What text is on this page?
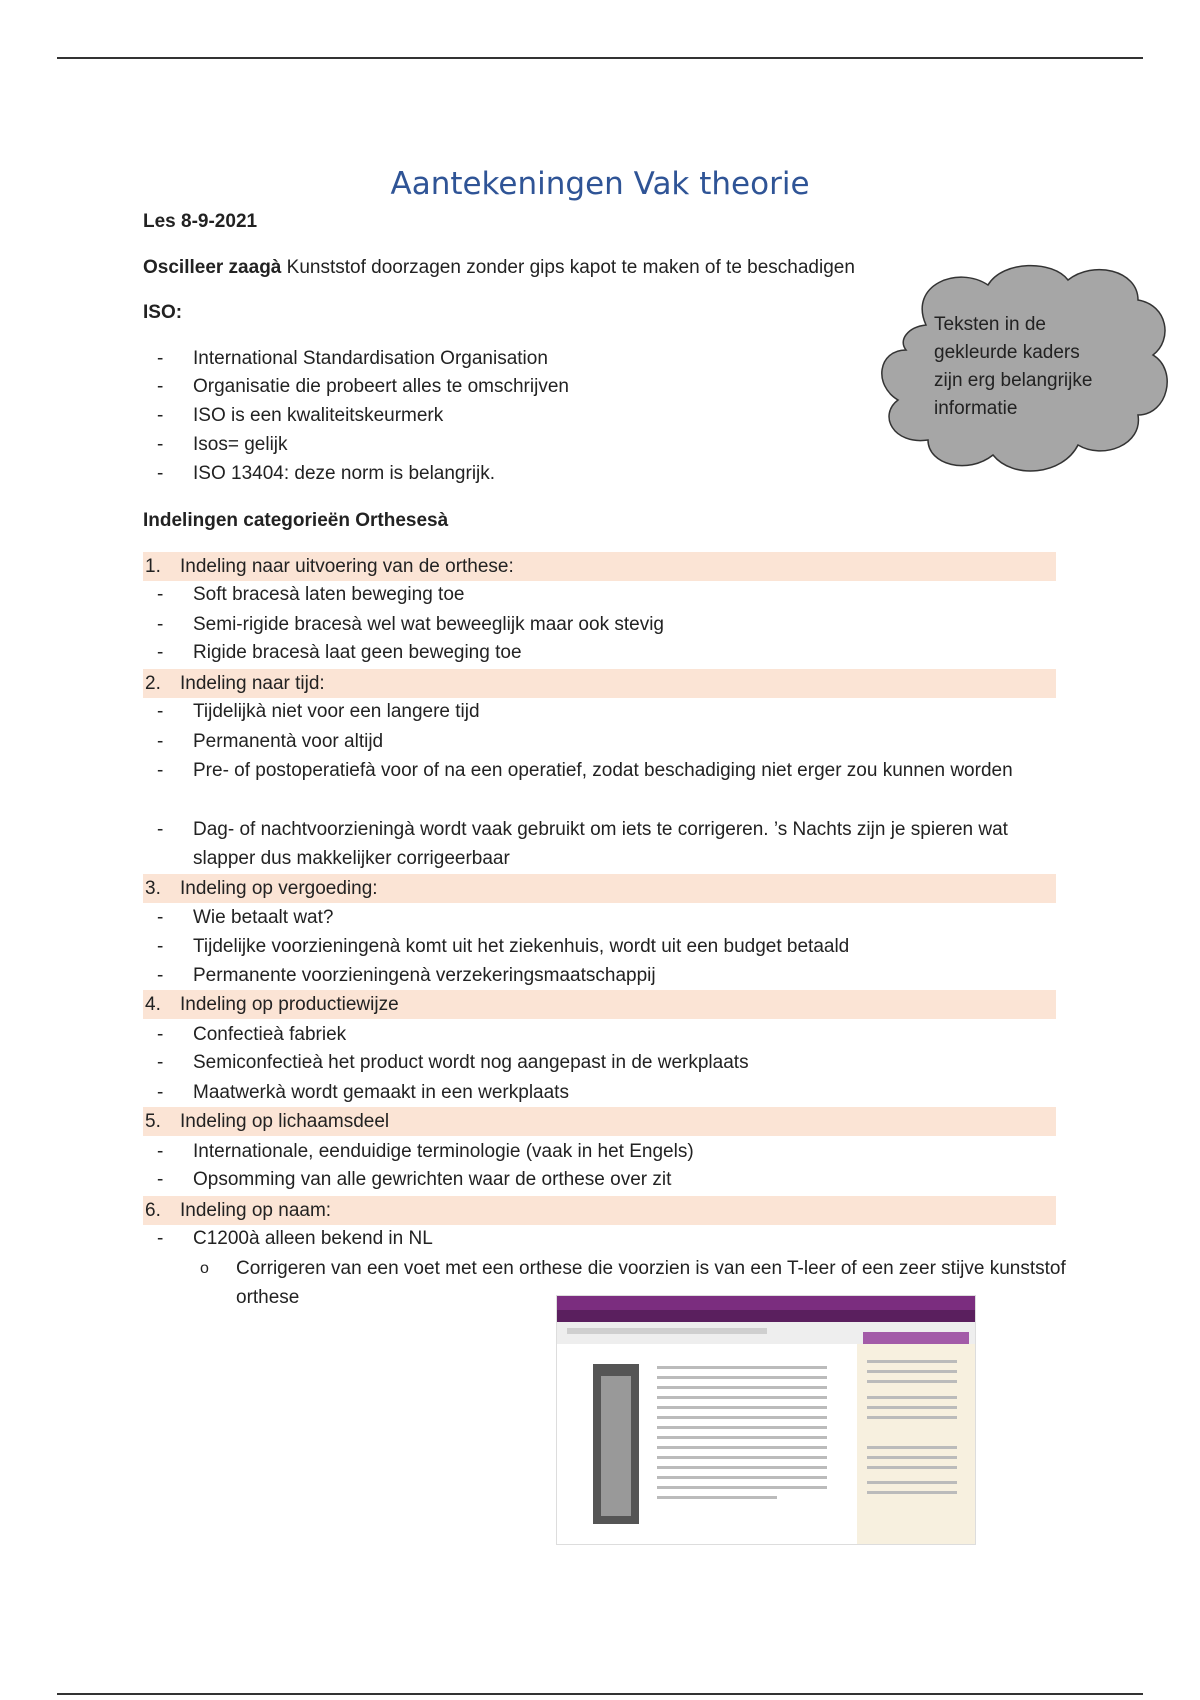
Aantekeningen Vak theorie
Les 8-9-2021
Oscilleer zaagà Kunststof doorzagen zonder gips kapot te maken of te beschadigen
ISO:
- International Standardisation Organisation
- Organisatie die probeert alles te omschrijven
- ISO is een kwaliteitskeurmerk
- Isos= gelijk
- ISO 13404: deze norm is belangrijk.
Teksten in de
gekleurde kaders
zijn erg belangrijke
informatie
Indelingen categorieën Orthesesà
1. Indeling naar uitvoering van de orthese:
- Soft bracesà laten beweging toe
- Semi-rigide bracesà wel wat beweeglijk maar ook stevig
- Rigide bracesà laat geen beweging toe
2. Indeling naar tijd:
- Tijdelijkà niet voor een langere tijd
- Permanentà voor altijd
- Pre- of postoperatiefà voor of na een operatief, zodat beschadiging niet erger zou kunnen worden
- Dag- of nachtvoorzieningà wordt vaak gebruikt om iets te corrigeren. ’s Nachts zijn je spieren wat slapper dus makkelijker corrigeerbaar
3. Indeling op vergoeding:
- Wie betaalt wat?
- Tijdelijke voorzieningenà komt uit het ziekenhuis, wordt uit een budget betaald
- Permanente voorzieningenà verzekeringsmaatschappij
4. Indeling op productiewijze
- Confectieà fabriek
- Semiconfectieà het product wordt nog aangepast in de werkplaats
- Maatwerkà wordt gemaakt in een werkplaats
5. Indeling op lichaamsdeel
- Internationale, eenduidige terminologie (vaak in het Engels)
- Opsomming van alle gewrichten waar de orthese over zit
6. Indeling op naam:
- C1200à alleen bekend in NL
o Corrigeren van een voet met een orthese die voorzien is van een T-leer of een zeer stijve kunststof orthese
